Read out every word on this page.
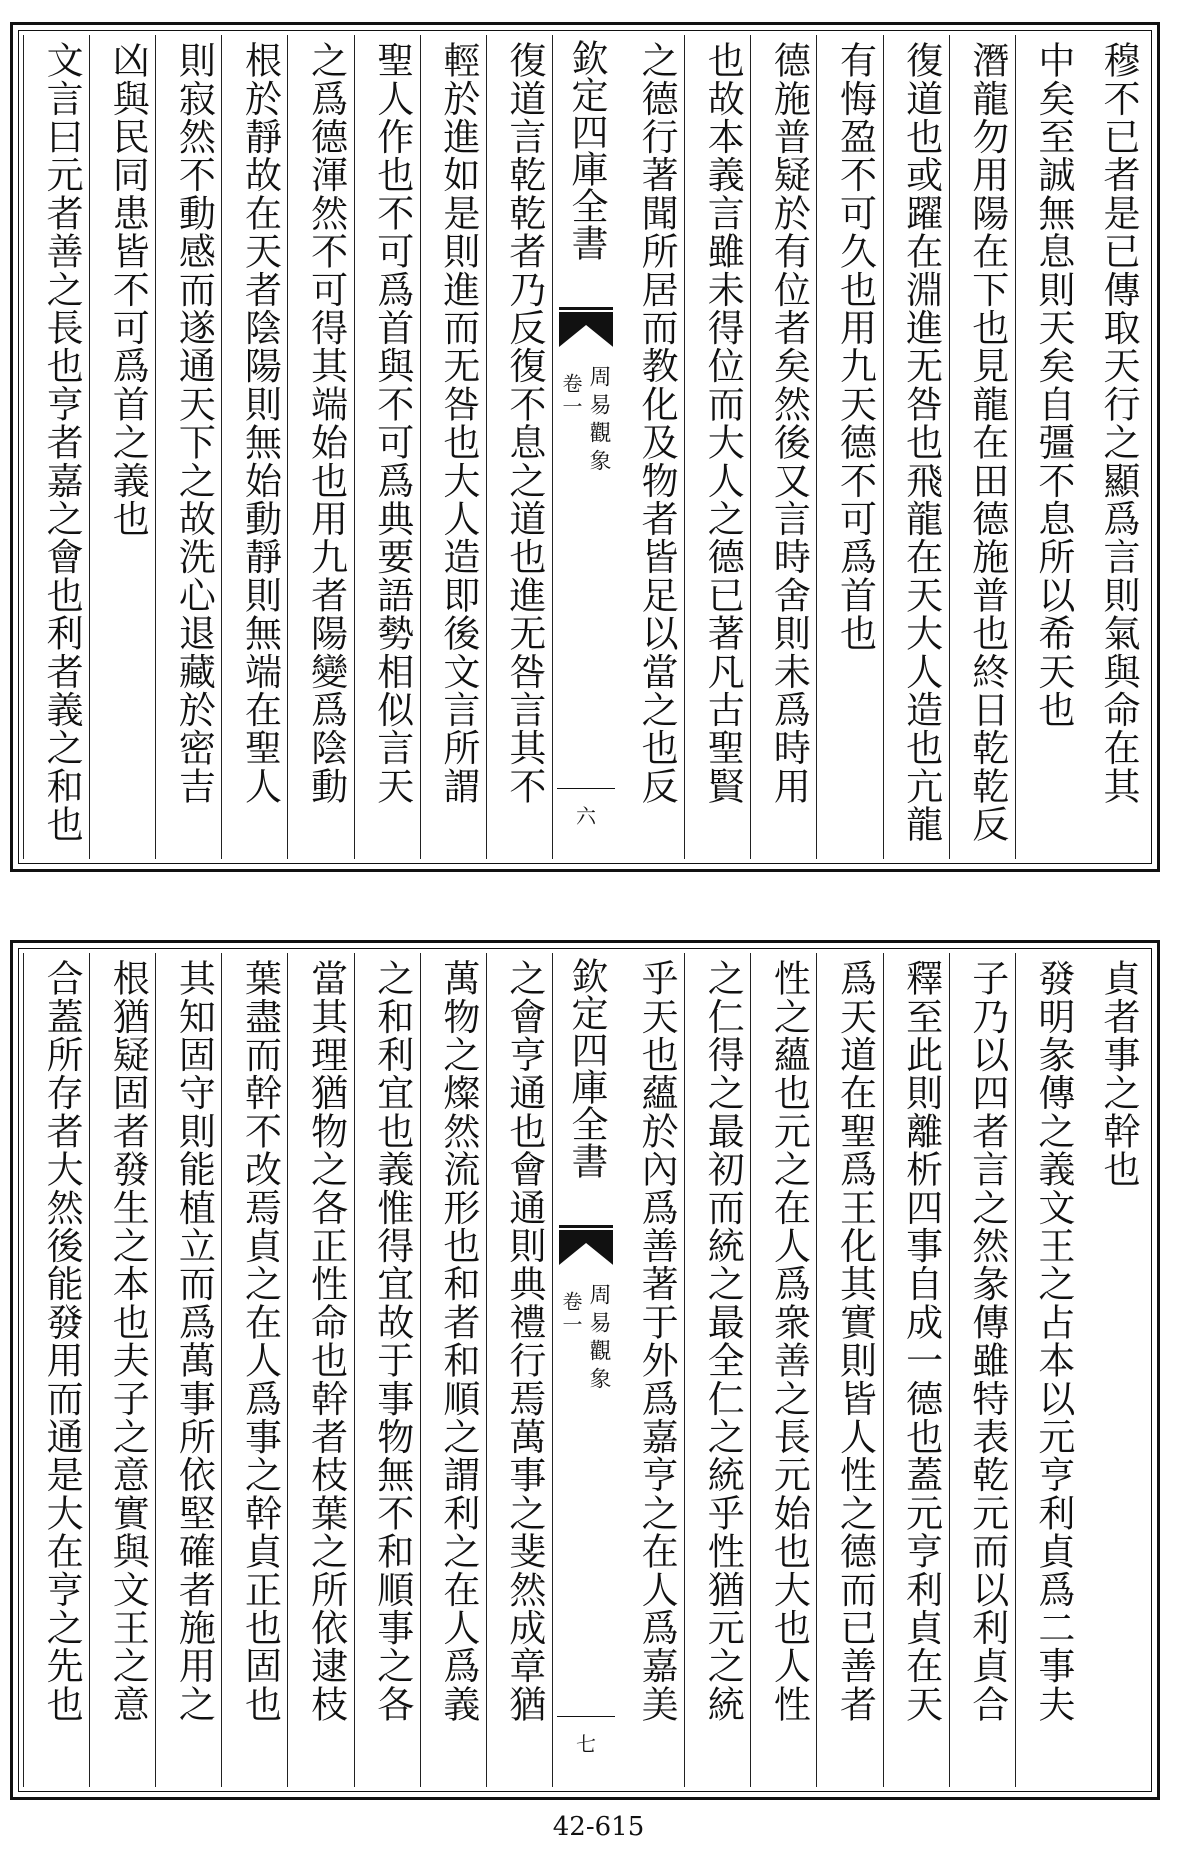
穆不已者是已傳取天行之顯爲言則氣與命在其
中矣至誠無息則天矣自彊不息所以希天也
潛龍勿用陽在下也見龍在田德施普也終日乾乾反
復道也或躍在淵進无咎也飛龍在天大人造也亢龍
有悔盈不可久也用九天德不可爲首也
德施普疑於有位者矣然後又言時舍則未爲時用
也故本義言雖未得位而大人之德已著凡古聖賢
之德行著聞所居而教化及物者皆足以當之也反
欽定四庫全書
周易觀象
卷一
六
復道言乾乾者乃反復不息之道也進无咎言其不
輕於進如是則進而无咎也大人造即後文言所謂
聖人作也不可爲首與不可爲典要語勢相似言天
之爲德渾然不可得其端始也用九者陽變爲陰動
根於靜故在天者陰陽則無始動靜則無端在聖人
則寂然不動感而遂通天下之故洗心退藏於密吉
凶與民同患皆不可爲首之義也
文言曰元者善之長也亨者嘉之會也利者義之和也
貞者事之幹也
發明彖傳之義文王之占本以元亨利貞爲二事夫
子乃以四者言之然彖傳雖特表乾元而以利貞合
釋至此則離析四事自成一德也蓋元亨利貞在天
爲天道在聖爲王化其實則皆人性之德而已善者
性之蘊也元之在人爲衆善之長元始也大也人性
之仁得之最初而統之最全仁之統乎性猶元之統
乎天也蘊於內爲善著于外爲嘉亨之在人爲嘉美
欽定四庫全書
周易觀象
卷一
七
之會亨通也會通則典禮行焉萬事之斐然成章猶
萬物之燦然流形也和者和順之謂利之在人爲義
之和利宜也義惟得宜故于事物無不和順事之各
當其理猶物之各正性命也幹者枝葉之所依逮枝
葉盡而幹不改焉貞之在人爲事之幹貞正也固也
其知固守則能植立而爲萬事所依堅確者施用之
根猶疑固者發生之本也夫子之意實與文王之意
合蓋所存者大然後能發用而通是大在亨之先也
42-615
